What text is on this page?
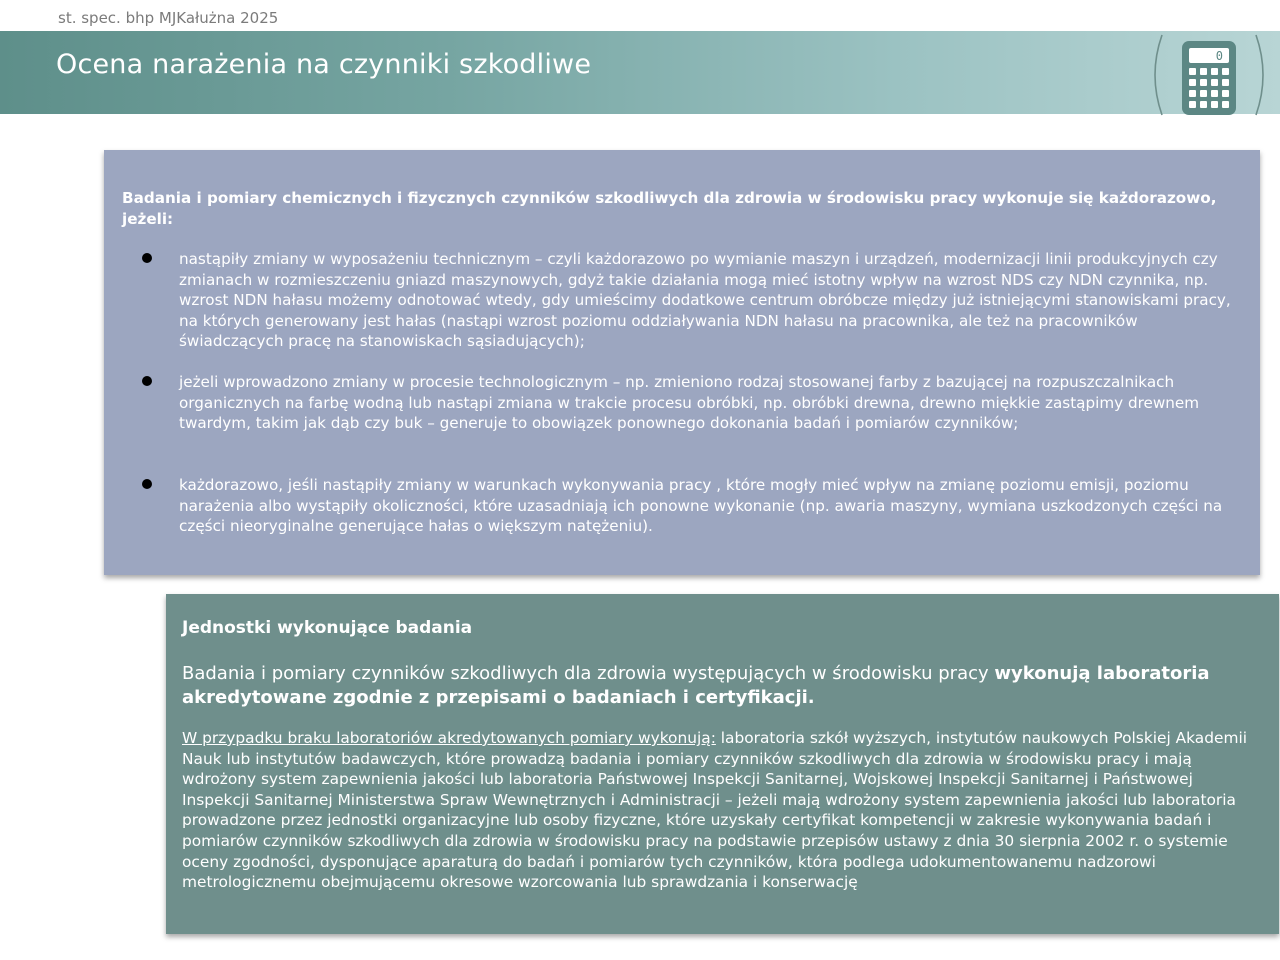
st. spec. bhp MJKałużna 2025
Ocena narażenia na czynniki szkodliwe	0
Badania i pomiary chemicznych i fizycznych czynników szkodliwych dla zdrowia w środowisku pracy wykonuje się każdorazowo, jeżeli:
nastąpiły zmiany w wyposażeniu technicznym – czyli każdorazowo po wymianie maszyn i urządzeń, modernizacji linii produkcyjnych czy zmianach w rozmieszczeniu gniazd maszynowych, gdyż takie działania mogą mieć istotny wpływ na wzrost NDS czy NDN czynnika, np. wzrost NDN hałasu możemy odnotować wtedy, gdy umieścimy dodatkowe centrum obróbcze między już istniejącymi stanowiskami pracy, na których generowany jest hałas (nastąpi wzrost poziomu oddziaływania NDN hałasu na pracownika, ale też na pracowników świadczących pracę na stanowiskach sąsiadujących);
jeżeli wprowadzono zmiany w procesie technologicznym – np. zmieniono rodzaj stosowanej farby z bazującej na rozpuszczalnikach organicznych na farbę wodną lub nastąpi zmiana w trakcie procesu obróbki, np. obróbki drewna, drewno miękkie zastąpimy drewnem twardym, takim jak dąb czy buk – generuje to obowiązek ponownego dokonania badań i pomiarów czynników;
każdorazowo, jeśli nastąpiły zmiany w warunkach wykonywania pracy , które mogły mieć wpływ na zmianę poziomu emisji, poziomu narażenia albo wystąpiły okoliczności, które uzasadniają ich ponowne wykonanie (np. awaria maszyny, wymiana uszkodzonych części na części nieoryginalne generujące hałas o większym natężeniu).
Jednostki wykonujące badania
Badania i pomiary czynników szkodliwych dla zdrowia występujących w środowisku pracy wykonują laboratoria akredytowane zgodnie z przepisami o badaniach i certyfikacji.
W przypadku braku laboratoriów akredytowanych pomiary wykonują: laboratoria szkół wyższych, instytutów naukowych Polskiej Akademii Nauk lub instytutów badawczych, które prowadzą badania i pomiary czynników szkodliwych dla zdrowia w środowisku pracy i mają wdrożony system zapewnienia jakości lub laboratoria Państwowej Inspekcji Sanitarnej, Wojskowej Inspekcji Sanitarnej i Państwowej Inspekcji Sanitarnej Ministerstwa Spraw Wewnętrznych i Administracji – jeżeli mają wdrożony system zapewnienia jakości lub laboratoria prowadzone przez jednostki organizacyjne lub osoby fizyczne, które uzyskały certyfikat kompetencji w zakresie wykonywania badań i pomiarów czynników szkodliwych dla zdrowia w środowisku pracy na podstawie przepisów ustawy z dnia 30 sierpnia 2002 r. o systemie oceny zgodności, dysponujące aparaturą do badań i pomiarów tych czynników, która podlega udokumentowanemu nadzorowi metrologicznemu obejmującemu okresowe wzorcowania lub sprawdzania i konserwację
